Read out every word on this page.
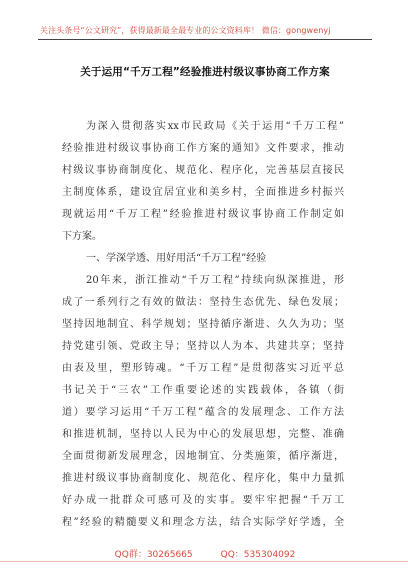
关注头条号“公文研究”，获得最新最全最专业的公文资料库！ 微信：gongwenyj
关于运用“千万工程”经验推进村级议事协商工作方案
为深入贯彻落实xx市民政局《关于运用“千万工程”
经验推进村级议事协商工作方案的通知》文件要求，推动
村级议事协商制度化、规范化、程序化，完善基层直接民
主制度体系，建设宜居宜业和美乡村，全面推进乡村振兴
现就运用“千万工程”经验推进村级议事协商工作制定如
下方案。
一、学深学透、用好用活“千万工程”经验
20年来，浙江推动“千万工程”持续向纵深推进，形
成了一系列行之有效的做法：坚持生态优先、绿色发展；
坚持因地制宜、科学规划；坚持循序渐进、久久为功；坚
持党建引领、党政主导；坚持以人为本、共建共享；坚持
由表及里，塑形铸魂。“千万工程”是贯彻落实习近平总
书记关于“三农”工作重要论述的实践载体，各镇（街
道）要学习运用“千万工程”蕴含的发展理念、工作方法
和推进机制，坚持以人民为中心的发展思想，完整、准确
全面贯彻新发展理念，因地制宜、分类施策，循序渐进，
推进村级议事协商制度化、规范化、程序化，集中力量抓
好办成一批群众可感可及的实事。要牢牢把握“千万工
程”经验的精髓要义和理念方法，结合实际学好学透，全
QQ群：30265665	QQ：535304092
